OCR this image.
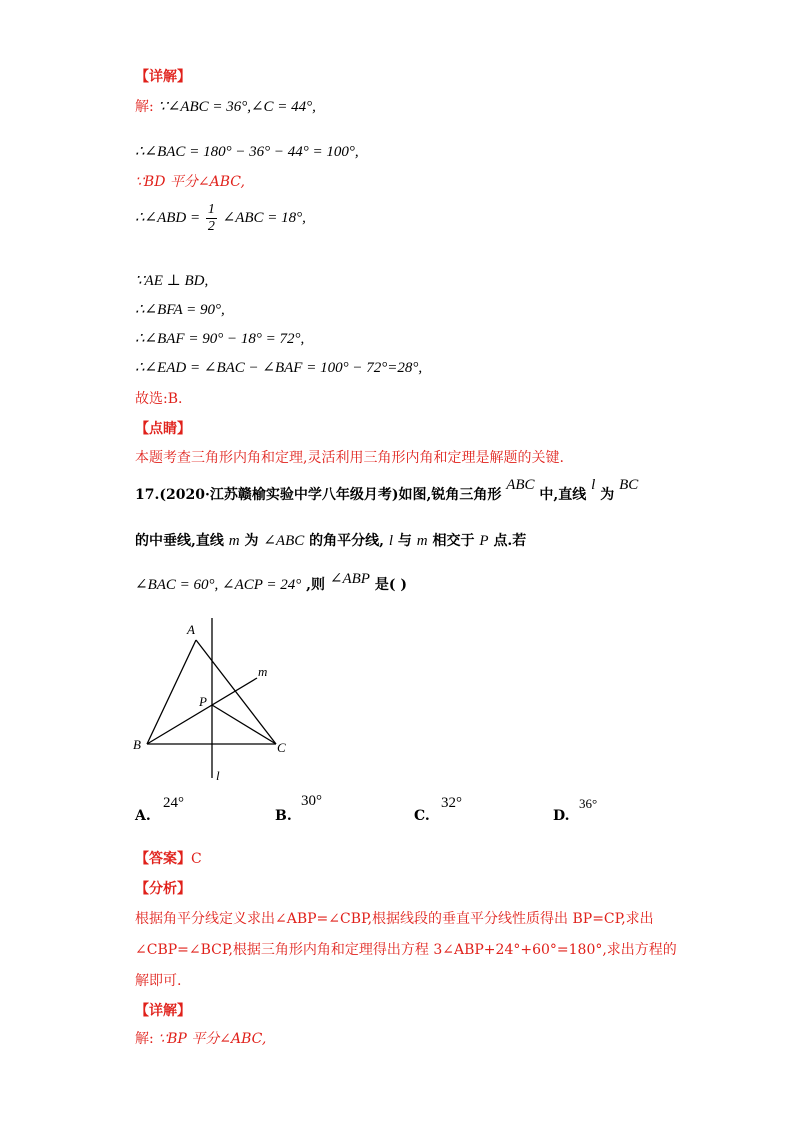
【详解】
解: ∵∠ABC = 36°,∠C = 44°,
∴∠BAC = 180° − 36° − 44° = 100°,
∵BD 平分∠ABC,
∴∠ABD = $\frac{1}{2}$ ∠ABC = 18°,
∵AE ⊥ BD,
∴∠BFA = 90°,
∴∠BAF = 90° − 18° = 72°,
∴∠EAD = ∠BAC − ∠BAF = 100° − 72°=28°,
故选:B.
【点睛】
本题考查三角形内角和定理,灵活利用三角形内角和定理是解题的关键.
17.(2020·江苏赣榆实验中学八年级月考)如图,锐角三角形 ABC 中,直线 l 为 BC
的中垂线,直线 m 为 ∠ABC 的角平分线, l 与 m 相交于 P 点.若
∠BAC = 60°, ∠ACP = 24° ,则 ∠ABP 是( )
A
B	C
P
m
l
A.
24°
B.
30°
C.
32°
D.
36°
【答案】C
【分析】
根据角平分线定义求出∠ABP=∠CBP,根据线段的垂直平分线性质得出 BP=CP,求出
∠CBP=∠BCP,根据三角形内角和定理得出方程 3∠ABP+24°+60°=180°,求出方程的
解即可.
【详解】
解: ∵BP 平分∠ABC,
